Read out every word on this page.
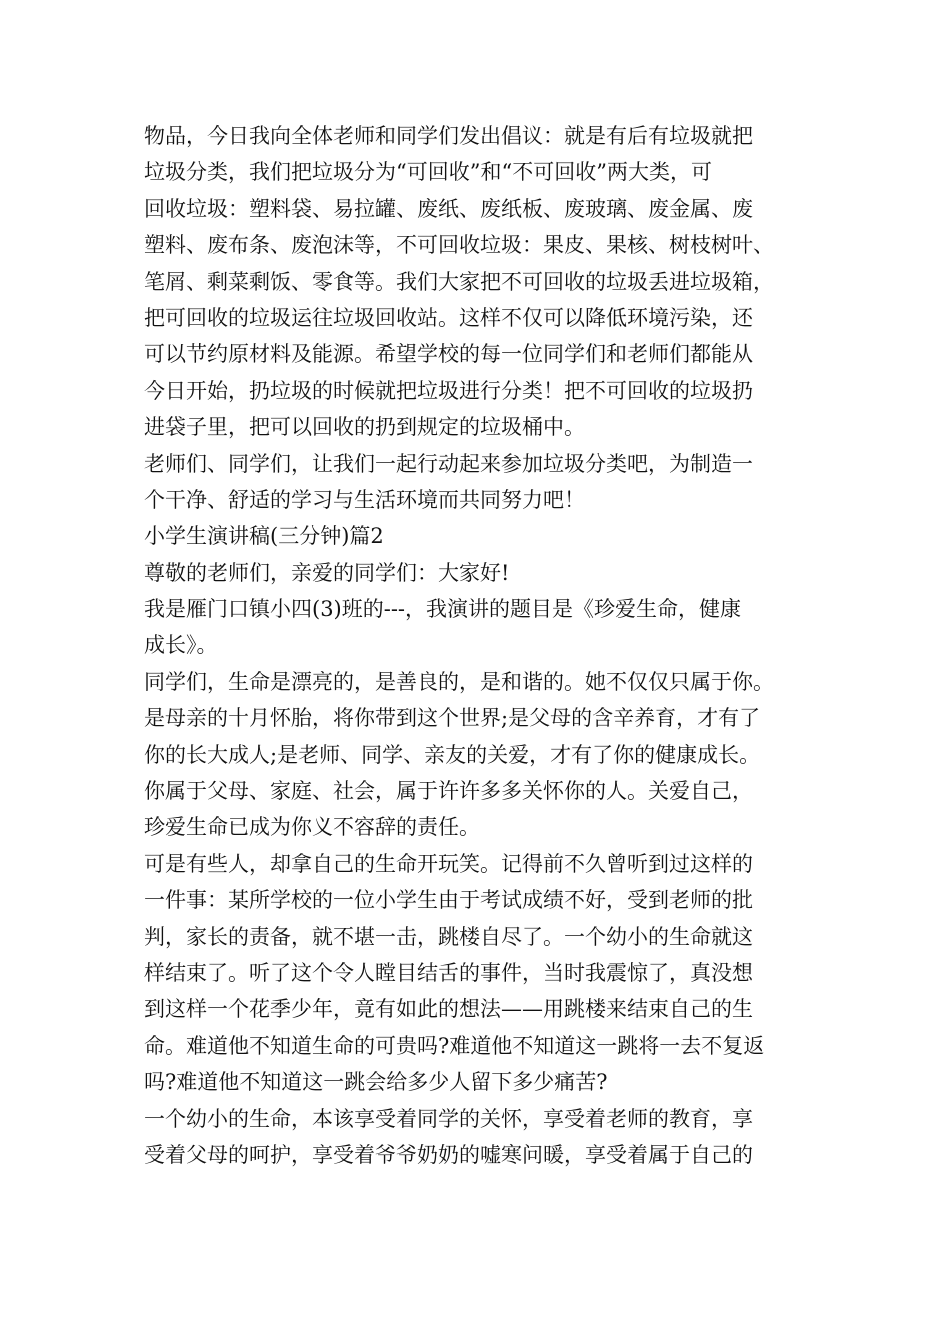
物品，今日我向全体老师和同学们发出倡议：就是有后有垃圾就把
垃圾分类，我们把垃圾分为“可回收”和“不可回收”两大类，可
回收垃圾：塑料袋、易拉罐、废纸、废纸板、废玻璃、废金属、废
塑料、废布条、废泡沫等，不可回收垃圾：果皮、果核、树枝树叶、
笔屑、剩菜剩饭、零食等。我们大家把不可回收的垃圾丢进垃圾箱，
把可回收的垃圾运往垃圾回收站。这样不仅可以降低环境污染，还
可以节约原材料及能源。希望学校的每一位同学们和老师们都能从
今日开始，扔垃圾的时候就把垃圾进行分类！把不可回收的垃圾扔
进袋子里，把可以回收的扔到规定的垃圾桶中。
老师们、同学们，让我们一起行动起来参加垃圾分类吧，为制造一
个干净、舒适的学习与生活环境而共同努力吧！
小学生演讲稿(三分钟)篇2
尊敬的老师们，亲爱的同学们：大家好!
我是雁门口镇小四(3)班的---，我演讲的题目是《珍爱生命，健康
成长》。
同学们，生命是漂亮的，是善良的，是和谐的。她不仅仅只属于你。
是母亲的十月怀胎，将你带到这个世界;是父母的含辛养育，才有了
你的长大成人;是老师、同学、亲友的关爱，才有了你的健康成长。
你属于父母、家庭、社会，属于许许多多关怀你的人。关爱自己，
珍爱生命已成为你义不容辞的责任。
可是有些人，却拿自己的生命开玩笑。记得前不久曾听到过这样的
一件事：某所学校的一位小学生由于考试成绩不好，受到老师的批
判，家长的责备，就不堪一击，跳楼自尽了。一个幼小的生命就这
样结束了。听了这个令人瞠目结舌的事件，当时我震惊了，真没想
到这样一个花季少年，竟有如此的想法——用跳楼来结束自己的生
命。难道他不知道生命的可贵吗?难道他不知道这一跳将一去不复返
吗?难道他不知道这一跳会给多少人留下多少痛苦?
一个幼小的生命，本该享受着同学的关怀，享受着老师的教育，享
受着父母的呵护，享受着爷爷奶奶的嘘寒问暖，享受着属于自己的
